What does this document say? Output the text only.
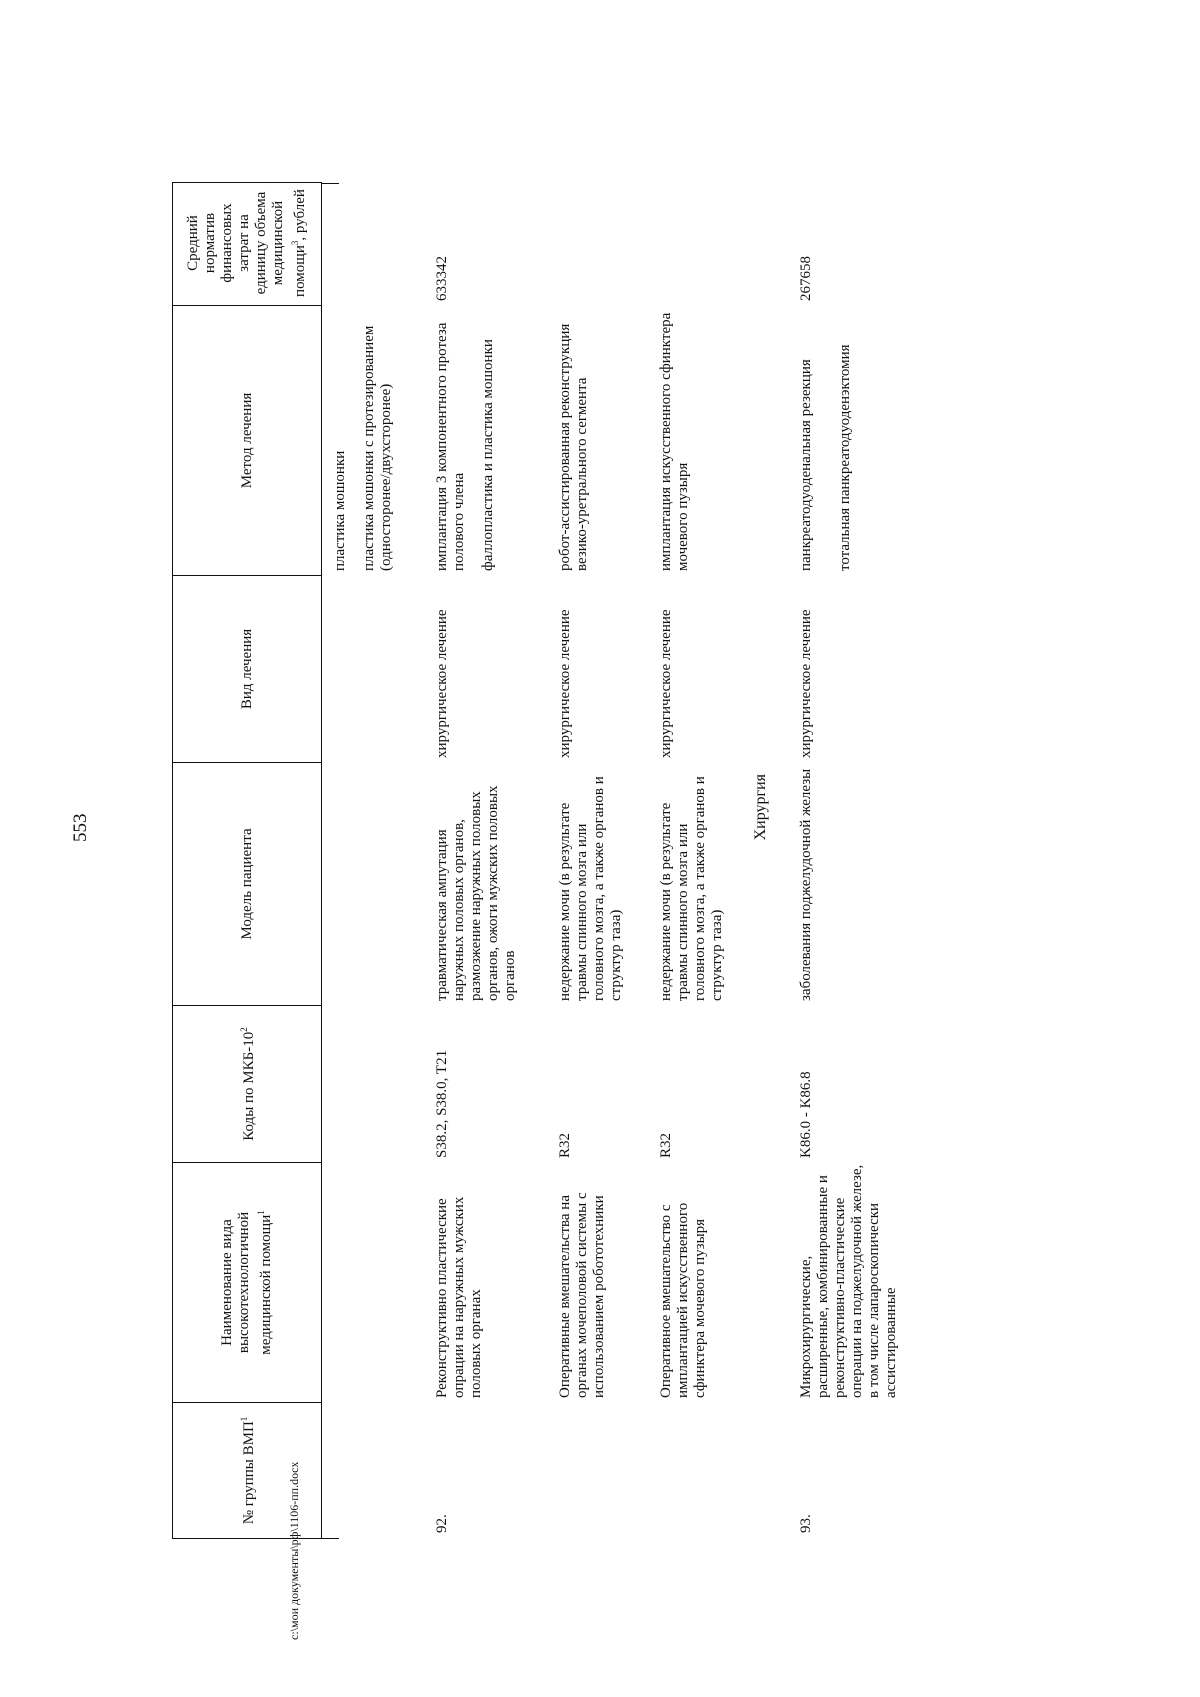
553
c:\мои документы\рф\1106-пп.docx
№ группы ВМП$^1$
Наименование вида высокотехнологичной медицинской помощи$^1$
Коды по МКБ-$10^2$
Модель пациента
Вид лечения
Метод лечения
Средний норматив финансовых затрат на единицу объема медицинской помощи$^3$, рублей
пластика мошонки пластика мошонки с протезированием (односторонее/двухсторонее)
92.
Реконструктивно пластические опрации на наружных мужских половых органах
S38.2, S38.0, T21
травматическая ампутация наружных половых органов, размозжение наружных половых органов, ожоги мужских половых органов
хирургическое лечение
имплантация 3 компонентного протеза полового члена фаллопластика и пластика мошонки
633342
Оперативные вмешательства на органах мочеполовой системы с использованием робототехники
R32
недержание мочи (в результате травмы спинного мозга или головного мозга, а также органов и структур таза)
хирургическое лечение
робот-ассистированная реконструкция везико-уретрального сегмента
Оперативное вмешательство с имплантацией искусственного сфинктера мочевого пузыря
R32
недержание мочи (в результате травмы спинного мозга или головного мозга, а также органов и структур таза)
хирургическое лечение
имплантация искусственного сфинктера мочевого пузыря
Хирургия
93.
Микрохирургические, расширенные, комбинированные и реконструктивно-пластические операции на поджелудочной железе, в том числе лапароскопически ассистированные
K86.0 - K86.8
заболевания поджелудочной железы
хирургическое лечение
панкреатодуоденальная резекция тотальная панкреатодуоденэктомия
267658
